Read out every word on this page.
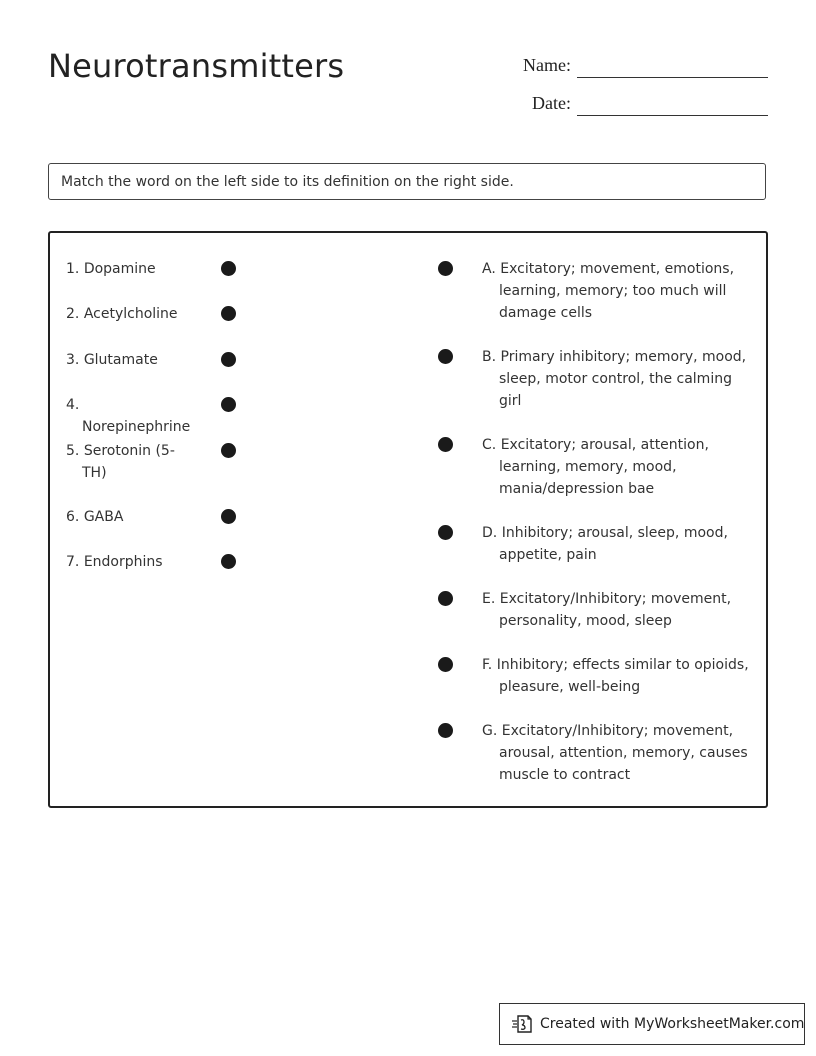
Neurotransmitters	Name:
Date:
Match the word on the left side to its definition on the right side.
1. Dopamine
2. Acetylcholine
3. Glutamate
4. Norepinephrine
5. Serotonin (5-TH)
6. GABA
7. Endorphins
A. Excitatory; movement, emotions, learning, memory; too much will damage cells
B. Primary inhibitory; memory, mood, sleep, motor control, the calming girl
C. Excitatory; arousal, attention, learning, memory, mood, mania/depression bae
D. Inhibitory; arousal, sleep, mood, appetite, pain
E. Excitatory/Inhibitory; movement, personality, mood, sleep
F. Inhibitory; effects similar to opioids, pleasure, well-being
G. Excitatory/Inhibitory; movement, arousal, attention, memory, causes muscle to contract
Created with MyWorksheetMaker.com
